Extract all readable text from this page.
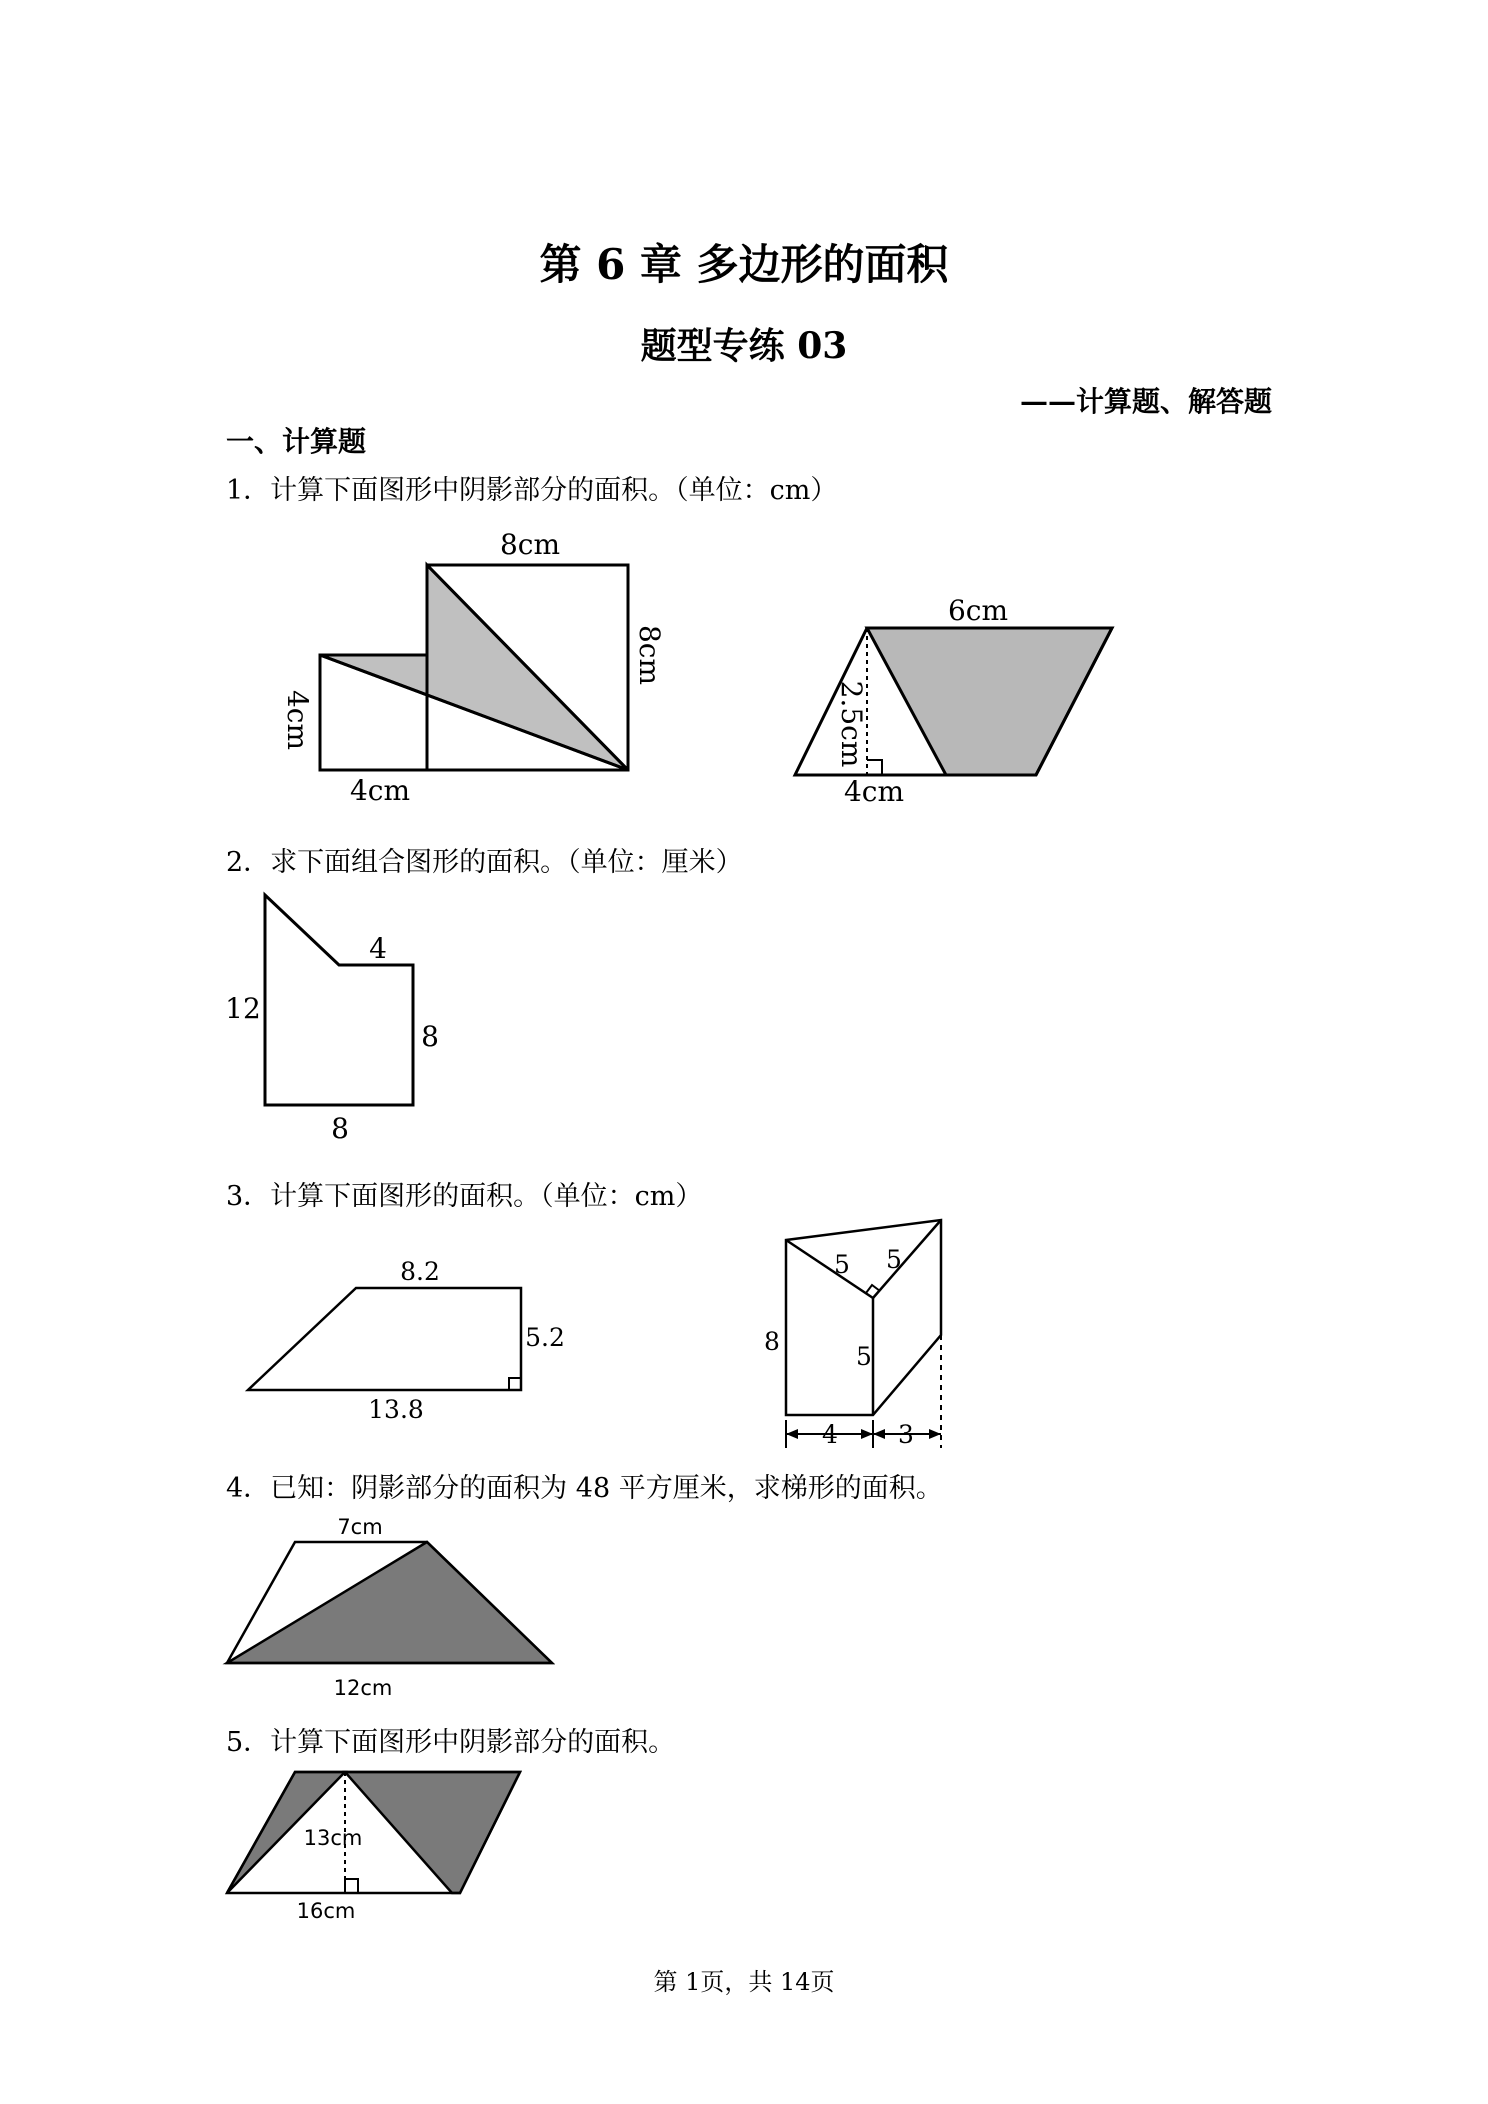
第 6 章 多边形的面积
题型专练 03
——计算题、解答题
一、计算题
1．计算下面图形中阴影部分的面积。（单位：cm）
8cm
8cm
4cm
4cm
6cm
2.5cm
4cm
2．求下面组合图形的面积。（单位：厘米）
12
4
8
8
3．计算下面图形的面积。（单位：cm）
8.2
5.2
13.8
5 5
5
8
4 3
4．已知：阴影部分的面积为 48 平方厘米，求梯形的面积。
7cm
12cm
5．计算下面图形中阴影部分的面积。
13cm
16cm
第 1页，共 14页
